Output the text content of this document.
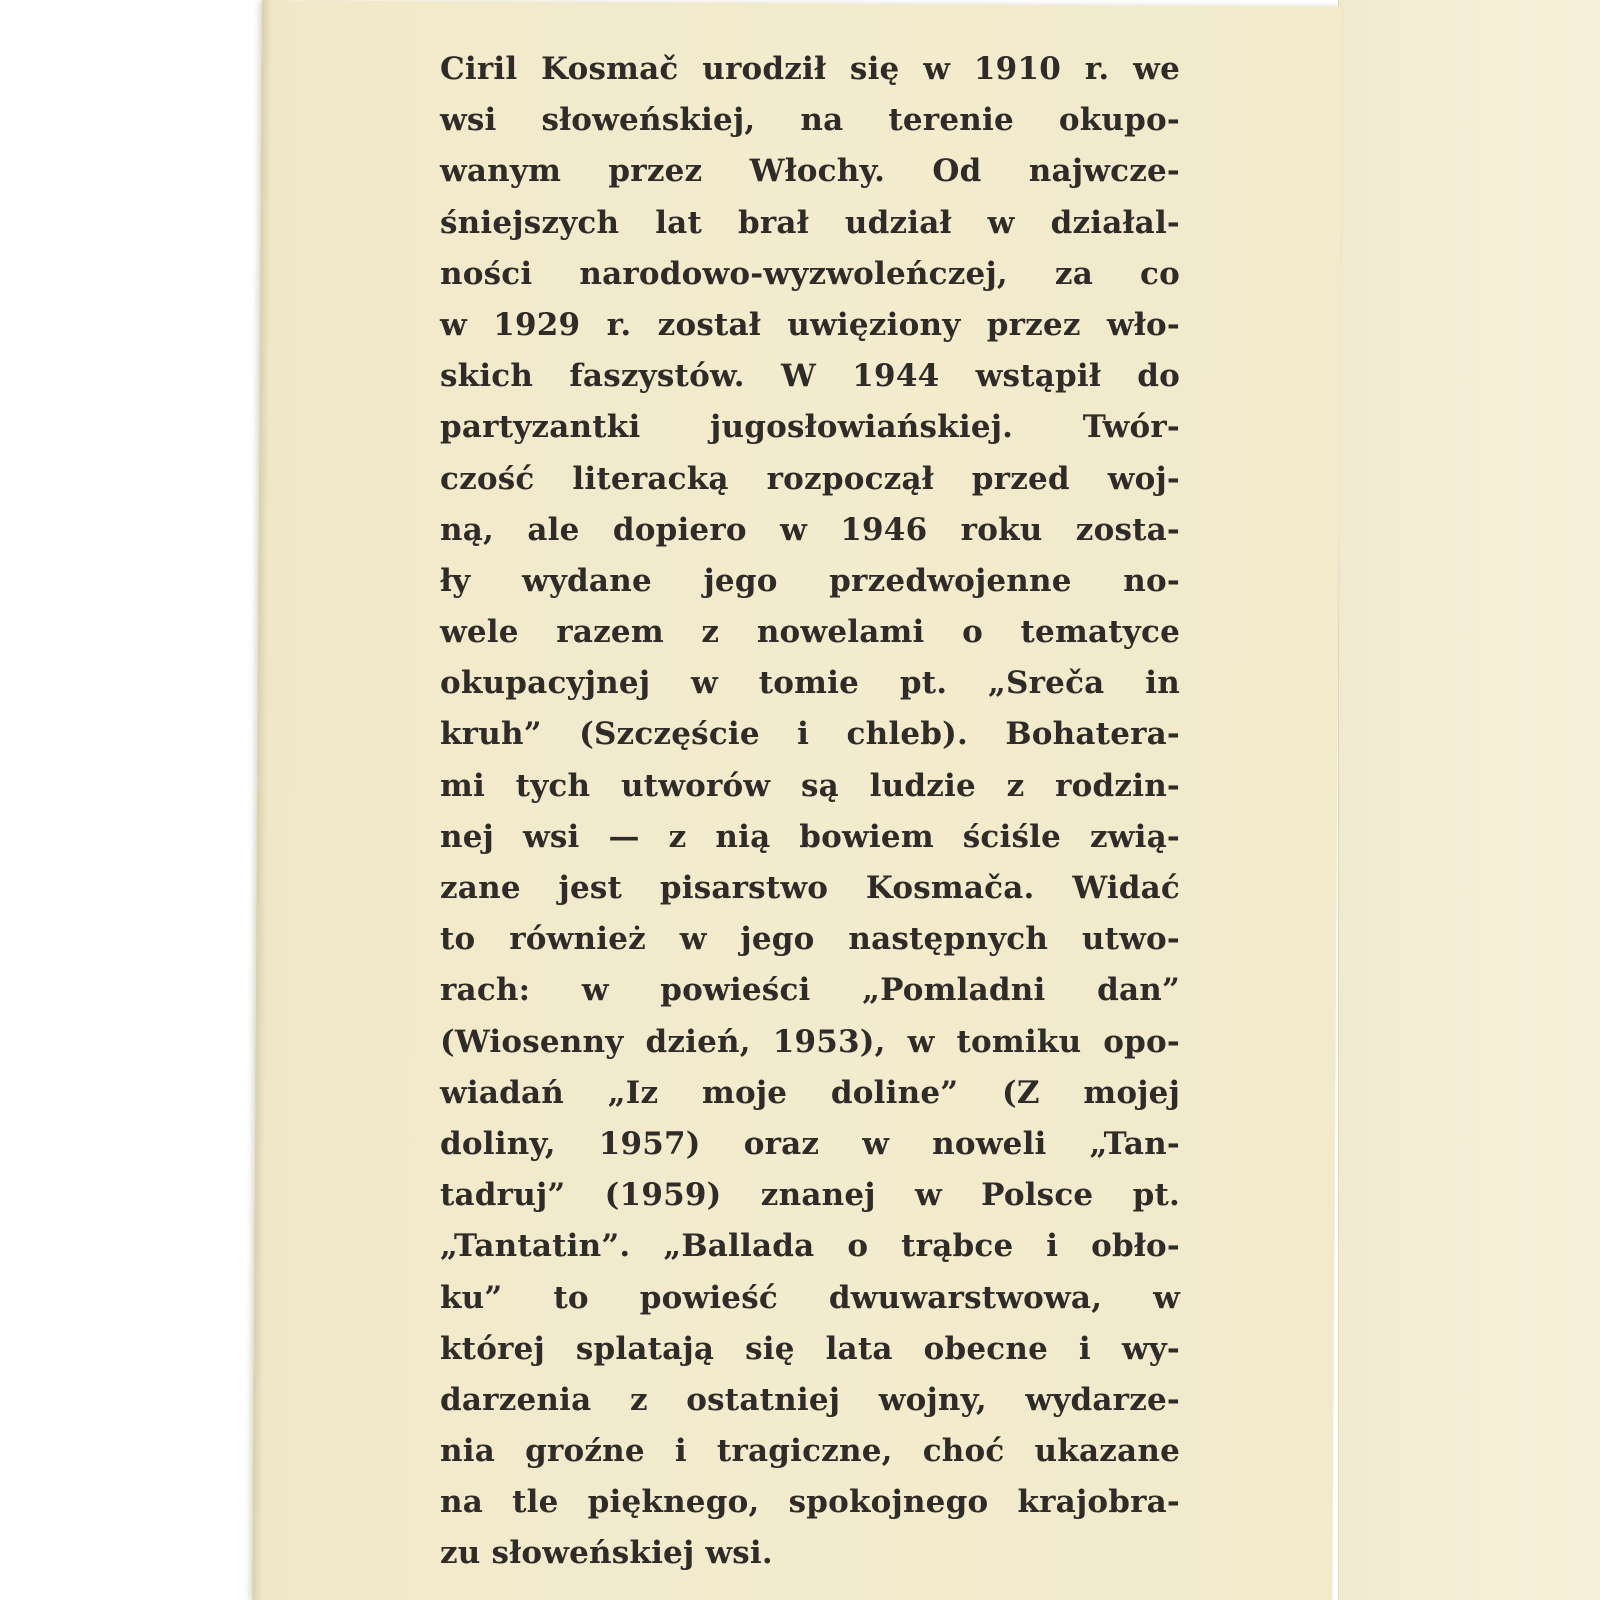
Ciril Kosmač urodził się w 1910 r. we
wsi słoweńskiej, na terenie okupo-
wanym przez Włochy. Od najwcze-
śniejszych lat brał udział w działal-
ności narodowo-wyzwoleńczej, za co
w 1929 r. został uwięziony przez wło-
skich faszystów. W 1944 wstąpił do
partyzantki jugosłowiańskiej. Twór-
czość literacką rozpoczął przed woj-
ną, ale dopiero w 1946 roku zosta-
ły wydane jego przedwojenne no-
wele razem z nowelami o tematyce
okupacyjnej w tomie pt. „Sreča in
kruh” (Szczęście i chleb). Bohatera-
mi tych utworów są ludzie z rodzin-
nej wsi — z nią bowiem ściśle zwią-
zane jest pisarstwo Kosmača. Widać
to również w jego następnych utwo-
rach: w powieści „Pomladni dan”
(Wiosenny dzień, 1953), w tomiku opo-
wiadań „Iz moje doline” (Z mojej
doliny, 1957) oraz w noweli „Tan-
tadruj” (1959) znanej w Polsce pt.
„Tantatin”. „Ballada o trąbce i obło-
ku” to powieść dwuwarstwowa, w
której splatają się lata obecne i wy-
darzenia z ostatniej wojny, wydarze-
nia groźne i tragiczne, choć ukazane
na tle pięknego, spokojnego krajobra-
zu słoweńskiej wsi.
